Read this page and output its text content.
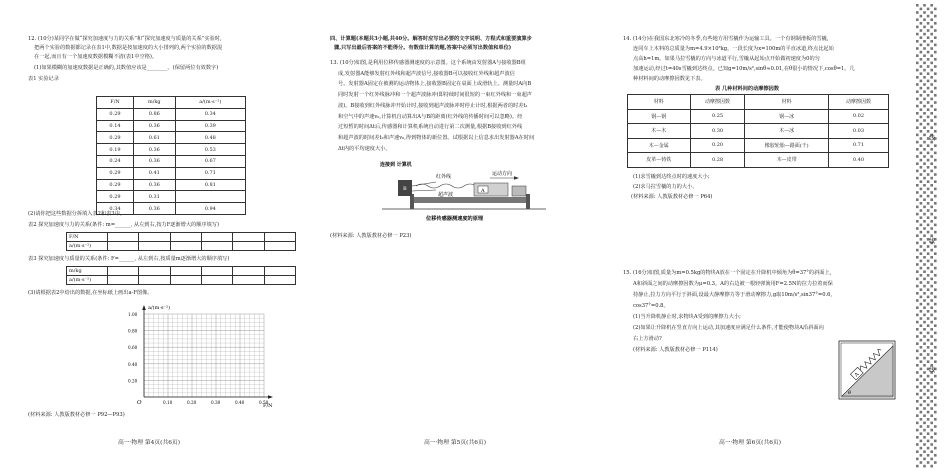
12. (10分)某同学在做“探究加速度与力的关系”和“探究加速度与质量的关系”实验时,
把两个实验的数据都记录在表1中,数据是按加速度的大小排列的,两个实验的数据混
在一起,而且有一个加速度数据模糊不清(表1中空格)。
(1)如果模糊的加速度数据是正确的,其数值应该是________。(保留两位有效数字)
表1 实验记录
F/N	m/kg	a/(m·s⁻²)
0.29	0.86	0.34
0.14	0.36	0.39
0.29	0.61	0.48
0.19	0.36	0.53
0.24	0.36	0.67
0.29	0.41	0.71
0.29	0.36	0.81
0.29	0.31	
0.34	0.36	0.94
(2)请你把这些数据分拆填入表2和表3中。
表2 探究加速度与力的关系(条件: m=______, 从左到右,按力F逐渐增大的顺序填写)
F/N						
a/(m·s⁻²)						
表3 探究加速度与质量的关系(条件: F=______, 从左到右,按质量m逐渐增大的顺序填写)
m/kg						
a/(m·s⁻²)						
(3)请根据表2中给出的数据,在坐标纸上画出a-F图像。
a/(m·s⁻²)
F/N
O
1.00
0.80
0.60
0.40
0.20
0.10	0.20	0.30	0.40	0.50
(材料来源: 人教版教材必修一 P92—P93)
高一·物理 第4页(共6页)
四、计算题(本题共3小题,共40分。解答时应写出必要的文字说明、方程式和重要演算步
骤,只写出最后答案的不能得分。有数值计算的题,答案中必须写出数值和单位)
13. (10分)如图,是利用位移传感器测速度的示意图。这个系统由发射器A与接收器B组
成,发射器A能够发射红外线和超声波信号,接收器B可以接收红外线和超声波信
号。发射器A固定在被测的运动物体上,接收器B固定在桌面上或滑轨上。测量时A向B
同时发射一个红外线脉冲和一个超声波脉冲(即持续时间很短的一束红外线和一束超声
波)。B接收到红外线脉冲开始计时,接收到超声波脉冲时停止计时,根据两者的时差t₁
和空气中的声速v₀,计算机自动算出A与B的距离(红外线的传播时间可以忽略)。经
过短暂的时间Δt后,传感器和计算机系统自动进行第二次测量,根据B接收到红外线
和超声波的时间差t₂和声速v₀,得到物体的新位置。试根据以上信息求出发射器A在时间
Δt内的平均速度大小。
B	A
运动方向
红外线
超声波
连接到 计算机
位移传感器测速度的原理
(材料来源: 人教版教材必修一 P23)
高一·物理 第5页(共6页)
14. (14分)在我国东北寒冷的冬季,有些地方用雪橇作为运输工具。一个有钢制滑板的雪橇,
连同车上木料的总质量为m=4.9×10³kg。一段长度为x=100m的平直冰道,终点比起始
点高h=1m。如果马拉雪橇的方向与冰道平行,雪橇从起始点开始做初速度为0的匀
加速运动,经过t=40s雪橇到达终点。已知g=10m/s²,sinθ≈0.01,在θ很小的情况下,cosθ=1。几
种材料间的动摩擦因数见下表。
表 几种材料间的动摩擦因数
材料	动摩擦因数	材料	动摩擦因数
钢—钢	0.25	钢—冰	0.02
木—木	0.30	木—冰	0.03
木—金属	0.20	橡胶轮胎—路面(干)	0.71
皮革—铸铁	0.28	木—皮带	0.40
(1)求雪橇到达终点时的速度大小;
(2)求马拉雪橇的力的大小。
(材料来源: 人教版教材必修一 P64)
15. (16分)如图,质量为m=0.5kg的物块A放在一个固定在升降机中倾角为θ=37°的斜面上,
A和斜面之间的动摩擦因数为μ=0.3。A的右边被一根轻弹簧用F=2.5N的拉力拉着而保
持静止,拉力方向平行于斜面,设最大静摩擦力等于滑动摩擦力,g取10m/s²,sin37°=0.6,
cos37°=0.8。
(1)当升降机静止时,求物块A受到的摩擦力大小;
(2)如果让升降机在竖直方向上运动,其加速度应满足什么条件,才能使物块A沿斜面向
右上方滑动?
(材料来源: 人教版教材必修一 P114)
A
θ
高一·物理 第6页(共6页)
线
线
线
